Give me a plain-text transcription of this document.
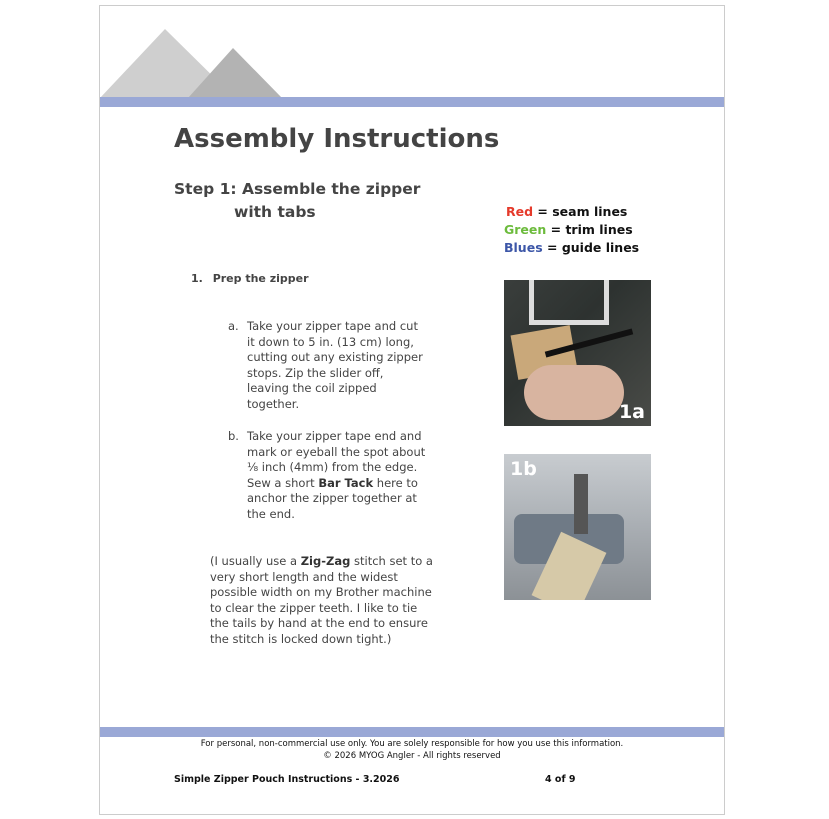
Assembly Instructions
Step 1: Assemble the zipper
with tabs	Red = seam lines
Green = trim lines
Blues = guide lines
1. Prep the zipper
a. Take your zipper tape and cut it down to 5 in. (13 cm) long, cutting out any existing zipper stops. Zip the slider off, leaving the coil zipped together.
b. Take your zipper tape end and mark or eyeball the spot about ⅛ inch (4mm) from the edge. Sew a short Bar Tack here to anchor the zipper together at the end.
(I usually use a Zig-Zag stitch set to a very short length and the widest possible width on my Brother machine to clear the zipper teeth. I like to tie the tails by hand at the end to ensure the stitch is locked down tight.)
1a
1b
For personal, non-commercial use only. You are solely responsible for how you use this information.
© 2026 MYOG Angler - All rights reserved
Simple Zipper Pouch Instructions - 3.2026	4 of 9
